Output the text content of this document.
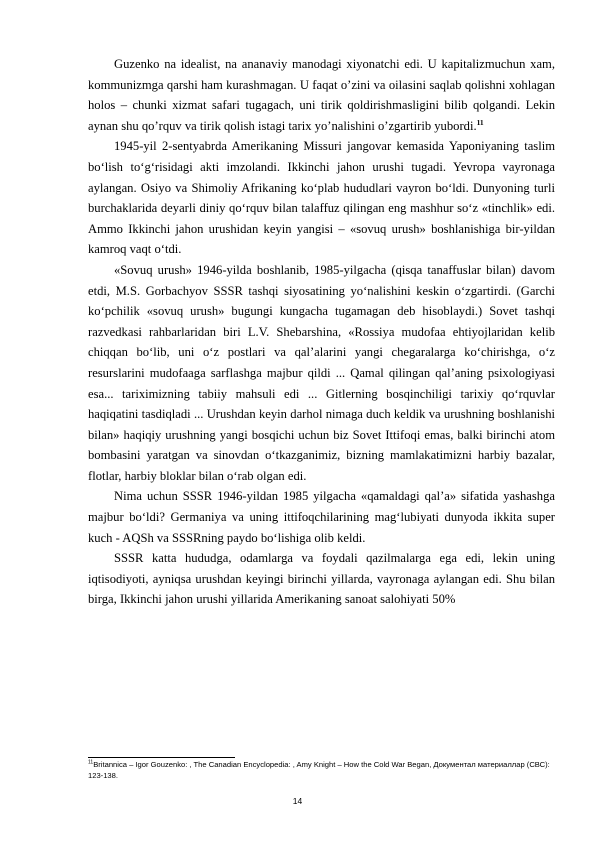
Guzenko na idealist, na ananaviy manodagi xiyonatchi edi. U kapitalizmuchun xam, kommunizmga qarshi ham kurashmagan. U faqat o’zini va oilasini saqlab qolishni xohlagan holos – chunki xizmat safari tugagach, uni tirik qoldirishmasligini bilib qolgandi. Lekin aynan shu qo’rquv va tirik qolish istagi tarix yo’nalishini o’zgartirib yubordi.$^{11}$

1945-yil 2-sentyabrda Amerikaning Missuri jangovar kemasida Yaponiyaning taslim bo‘lish to‘g‘risidagi akti imzolandi. Ikkinchi jahon urushi tugadi. Yevropa vayronaga aylangan. Osiyo va Shimoliy Afrikaning ko‘plab hududlari vayron bo‘ldi. Dunyoning turli burchaklarida deyarli diniy qo‘rquv bilan talaffuz qilingan eng mashhur so‘z «tinchlik» edi. Ammo Ikkinchi jahon urushidan keyin yangisi – «sovuq urush» boshlanishiga bir-yildan kamroq vaqt o‘tdi.

«Sovuq urush» 1946-yilda boshlanib, 1985-yilgacha (qisqa tanaffuslar bilan) davom etdi, M.S. Gorbachyov SSSR tashqi siyosatining yo‘nalishini keskin o‘zgartirdi. (Garchi ko‘pchilik «sovuq urush» bugungi kungacha tugamagan deb hisoblaydi.) Sovet tashqi razvedkasi rahbarlaridan biri L.V. Shebarshina, «Rossiya mudofaa ehtiyojlaridan kelib chiqqan bo‘lib, uni o‘z postlari va qal’alarini yangi chegaralarga ko‘chirishga, o‘z resurslarini mudofaaga sarflashga majbur qildi ... Qamal qilingan qal’aning psixologiyasi esa... tariximizning tabiiy mahsuli edi ... Gitlerning bosqinchiligi tarixiy qo‘rquvlar haqiqatini tasdiqladi ... Urushdan keyin darhol nimaga duch keldik va urushning boshlanishi bilan» haqiqiy urushning yangi bosqichi uchun biz Sovet Ittifoqi emas, balki birinchi atom bombasini yaratgan va sinovdan o‘tkazganimiz, bizning mamlakatimizni harbiy bazalar, flotlar, harbiy bloklar bilan o‘rab olgan edi.

Nima uchun SSSR 1946-yildan 1985 yilgacha «qamaldagi qal’a» sifatida yashashga majbur bo‘ldi? Germaniya va uning ittifoqchilarining mag‘lubiyati dunyoda ikkita super kuch - AQSh va SSSRning paydo bo‘lishiga olib keldi.

SSSR katta hududga, odamlarga va foydali qazilmalarga ega edi, lekin uning iqtisodiyoti, ayniqsa urushdan keyingi birinchi yillarda, vayronaga aylangan edi. Shu bilan birga, Ikkinchi jahon urushi yillarida Amerikaning sanoat salohiyati 50%

$^{11}$Britannica – Igor Gouzenko: , The Canadian Encyclopedia: , Amy Knight – How the Cold War Began, Документал материаллар (СВС): 123-138.

14
